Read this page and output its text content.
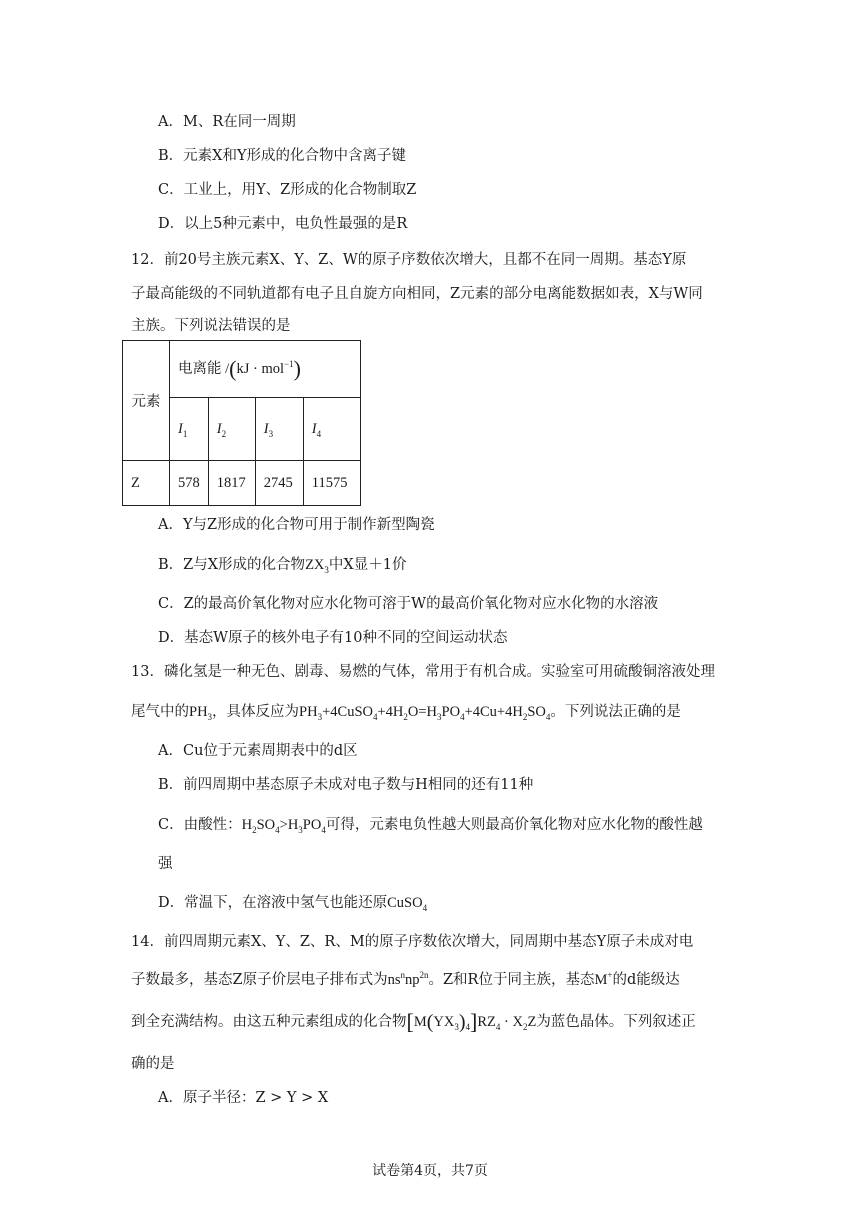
A．M、R在同一周期
B．元素X和Y形成的化合物中含离子键
C．工业上，用Y、Z形成的化合物制取Z
D．以上5种元素中，电负性最强的是R
12．前20号主族元素X、Y、Z、W的原子序数依次增大，且都不在同一周期。基态Y原
子最高能级的不同轨道都有电子且自旋方向相同，Z元素的部分电离能数据如表，X与W同
主族。下列说法错误的是
元素	电离能 /(kJ · mol$^{-1}$)			
	$I_1$	$I_2$	$I_3$	$I_4$
Z	578	1817	2745	11575
A．Y与Z形成的化合物可用于制作新型陶瓷
B．Z与X形成的化合物$ZX_3$中X显＋1价
C．Z的最高价氧化物对应水化物可溶于W的最高价氧化物对应水化物的水溶液
D．基态W原子的核外电子有10种不同的空间运动状态
13．磷化氢是一种无色、剧毒、易燃的气体，常用于有机合成。实验室可用硫酸铜溶液处理
尾气中的$PH_3$，具体反应为$PH_3+4CuSO_4+4H_2O=H_3PO_4+4Cu+4H_2SO_4$。下列说法正确的是
A．Cu位于元素周期表中的d区
B．前四周期中基态原子未成对电子数与H相同的还有11种
C．由酸性：$H_2SO_4>H_3PO_4$可得，元素电负性越大则最高价氧化物对应水化物的酸性越
强
D．常温下，在溶液中氢气也能还原CuSO$_4$
14．前四周期元素X、Y、Z、R、M的原子序数依次增大，同周期中基态Y原子未成对电
子数最多，基态Z原子价层电子排布式为$ns^nnp^{2n}$。Z和R位于同主族，基态M+的d能级达
到全充满结构。由这五种元素组成的化合物$[M(YX_3)_4]RZ_4 \cdot X_2Z$为蓝色晶体。下列叙述正
确的是
A．原子半径：Z > Y > X
试卷第4页，共7页
